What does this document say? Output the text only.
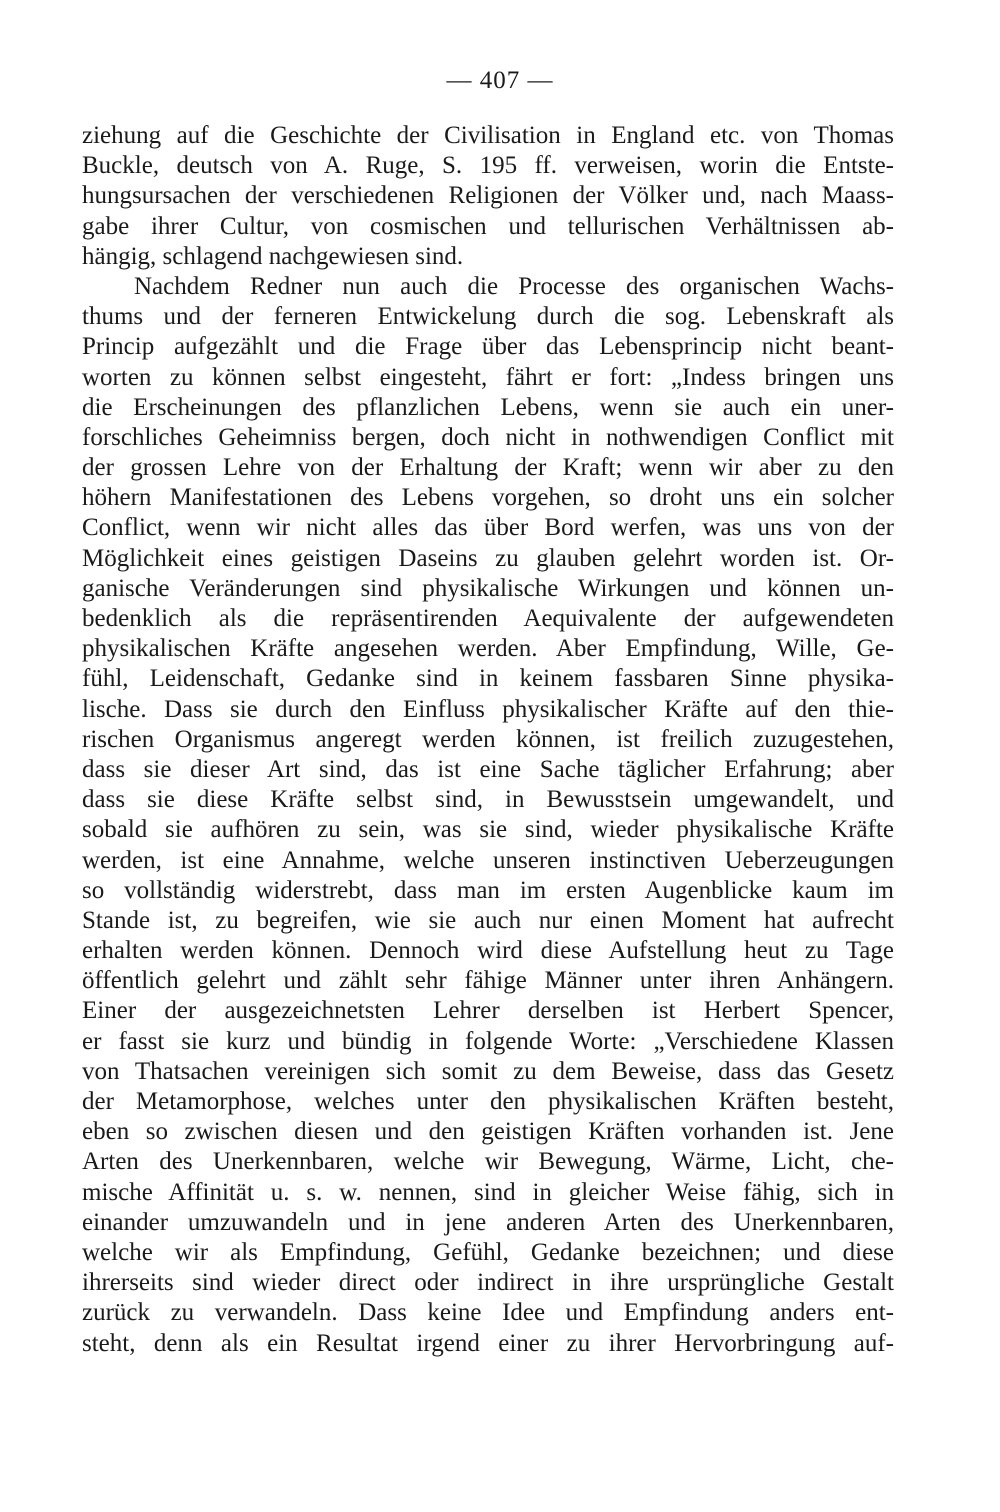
— 407 —
ziehung auf die Geschichte der Civilisation in England etc. von Thomas
Buckle, deutsch von A. Ruge, S. 195 ff. verweisen, worin die Entste-
hungsursachen der verschiedenen Religionen der Völker und, nach Maass-
gabe ihrer Cultur, von cosmischen und tellurischen Verhältnissen ab-
hängig, schlagend nachgewiesen sind.
Nachdem Redner nun auch die Processe des organischen Wachs-
thums und der ferneren Entwickelung durch die sog. Lebenskraft als
Princip aufgezählt und die Frage über das Lebensprincip nicht beant-
worten zu können selbst eingesteht, fährt er fort: „Indess bringen uns
die Erscheinungen des pflanzlichen Lebens, wenn sie auch ein uner-
forschliches Geheimniss bergen, doch nicht in nothwendigen Conflict mit
der grossen Lehre von der Erhaltung der Kraft; wenn wir aber zu den
höhern Manifestationen des Lebens vorgehen, so droht uns ein solcher
Conflict, wenn wir nicht alles das über Bord werfen, was uns von der
Möglichkeit eines geistigen Daseins zu glauben gelehrt worden ist. Or-
ganische Veränderungen sind physikalische Wirkungen und können un-
bedenklich als die repräsentirenden Aequivalente der aufgewendeten
physikalischen Kräfte angesehen werden. Aber Empfindung, Wille, Ge-
fühl, Leidenschaft, Gedanke sind in keinem fassbaren Sinne physika-
lische. Dass sie durch den Einfluss physikalischer Kräfte auf den thie-
rischen Organismus angeregt werden können, ist freilich zuzugestehen,
dass sie dieser Art sind, das ist eine Sache täglicher Erfahrung; aber
dass sie diese Kräfte selbst sind, in Bewusstsein umgewandelt, und
sobald sie aufhören zu sein, was sie sind, wieder physikalische Kräfte
werden, ist eine Annahme, welche unseren instinctiven Ueberzeugungen
so vollständig widerstrebt, dass man im ersten Augenblicke kaum im
Stande ist, zu begreifen, wie sie auch nur einen Moment hat aufrecht
erhalten werden können. Dennoch wird diese Aufstellung heut zu Tage
öffentlich gelehrt und zählt sehr fähige Männer unter ihren Anhängern.
Einer der ausgezeichnetsten Lehrer derselben ist Herbert Spencer,
er fasst sie kurz und bündig in folgende Worte: „Verschiedene Klassen
von Thatsachen vereinigen sich somit zu dem Beweise, dass das Gesetz
der Metamorphose, welches unter den physikalischen Kräften besteht,
eben so zwischen diesen und den geistigen Kräften vorhanden ist. Jene
Arten des Unerkennbaren, welche wir Bewegung, Wärme, Licht, che-
mische Affinität u. s. w. nennen, sind in gleicher Weise fähig, sich in
einander umzuwandeln und in jene anderen Arten des Unerkennbaren,
welche wir als Empfindung, Gefühl, Gedanke bezeichnen; und diese
ihrerseits sind wieder direct oder indirect in ihre ursprüngliche Gestalt
zurück zu verwandeln. Dass keine Idee und Empfindung anders ent-
steht, denn als ein Resultat irgend einer zu ihrer Hervorbringung auf-
